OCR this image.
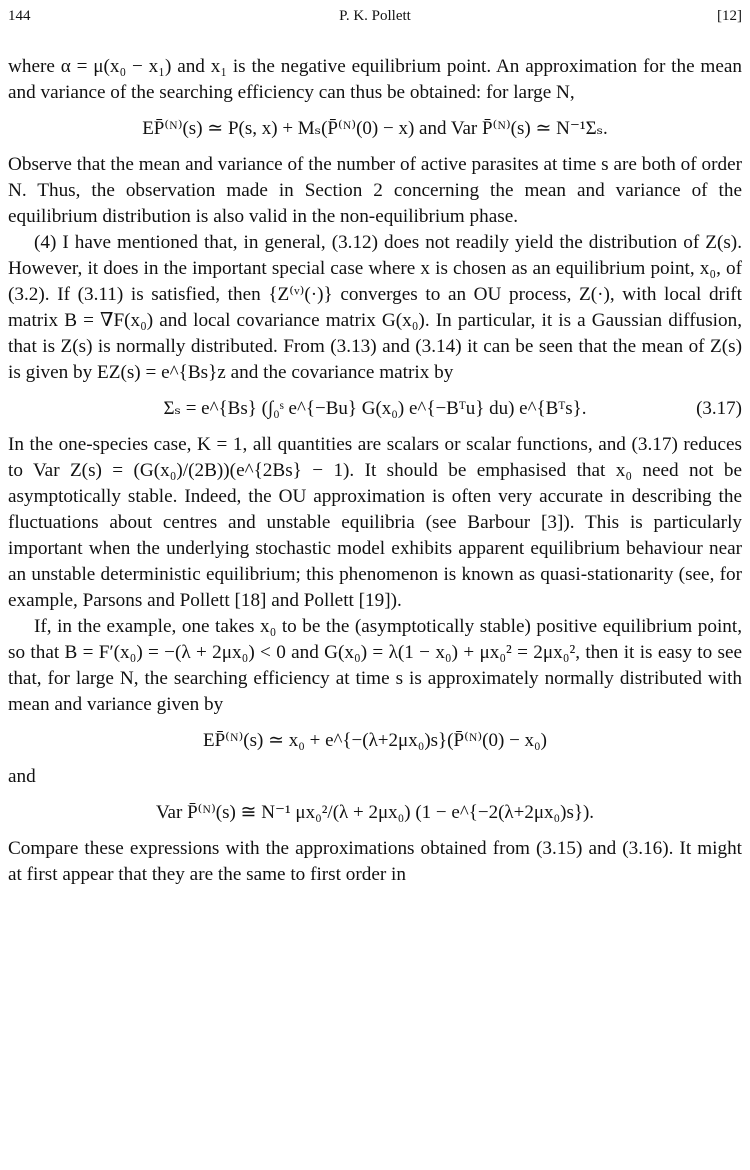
144	P. K. Pollett	[12]

where α = μ(x₀ − x₁) and x₁ is the negative equilibrium point. An approximation for the mean and variance of the searching efficiency can thus be obtained: for large N,

EP̄⁽ᴺ⁾(s) ≃ P(s, x) + Mₛ(P̄⁽ᴺ⁾(0) − x) and Var P̄⁽ᴺ⁾(s) ≃ N⁻¹Σₛ.

Observe that the mean and variance of the number of active parasites at time s are both of order N. Thus, the observation made in Section 2 concerning the mean and variance of the equilibrium distribution is also valid in the non-equilibrium phase.

(4) I have mentioned that, in general, (3.12) does not readily yield the distribution of Z(s). However, it does in the important special case where x is chosen as an equilibrium point, x₀, of (3.2). If (3.11) is satisfied, then {Z⁽ᵛ⁾(·)} converges to an OU process, Z(·), with local drift matrix B = ∇F(x₀) and local covariance matrix G(x₀). In particular, it is a Gaussian diffusion, that is Z(s) is normally distributed. From (3.13) and (3.14) it can be seen that the mean of Z(s) is given by EZ(s) = e^{Bs}z and the covariance matrix by

Σₛ = e^{Bs} (∫₀ˢ e^{−Bu} G(x₀) e^{−Bᵀu} du) e^{Bᵀs}.	(3.17)

In the one-species case, K = 1, all quantities are scalars or scalar functions, and (3.17) reduces to Var Z(s) = (G(x₀)/(2B))(e^{2Bs} − 1). It should be emphasised that x₀ need not be asymptotically stable. Indeed, the OU approximation is often very accurate in describing the fluctuations about centres and unstable equilibria (see Barbour [3]). This is particularly important when the underlying stochastic model exhibits apparent equilibrium behaviour near an unstable deterministic equilibrium; this phenomenon is known as quasi-stationarity (see, for example, Parsons and Pollett [18] and Pollett [19]).

If, in the example, one takes x₀ to be the (asymptotically stable) positive equilibrium point, so that B = F′(x₀) = −(λ + 2μx₀) < 0 and G(x₀) = λ(1 − x₀) + μx₀² = 2μx₀², then it is easy to see that, for large N, the searching efficiency at time s is approximately normally distributed with mean and variance given by

EP̄⁽ᴺ⁾(s) ≃ x₀ + e^{−(λ+2μx₀)s}(P̄⁽ᴺ⁾(0) − x₀)

and

Var P̄⁽ᴺ⁾(s) ≅ N⁻¹ μx₀²/(λ + 2μx₀) (1 − e^{−2(λ+2μx₀)s}).

Compare these expressions with the approximations obtained from (3.15) and (3.16). It might at first appear that they are the same to first order in
